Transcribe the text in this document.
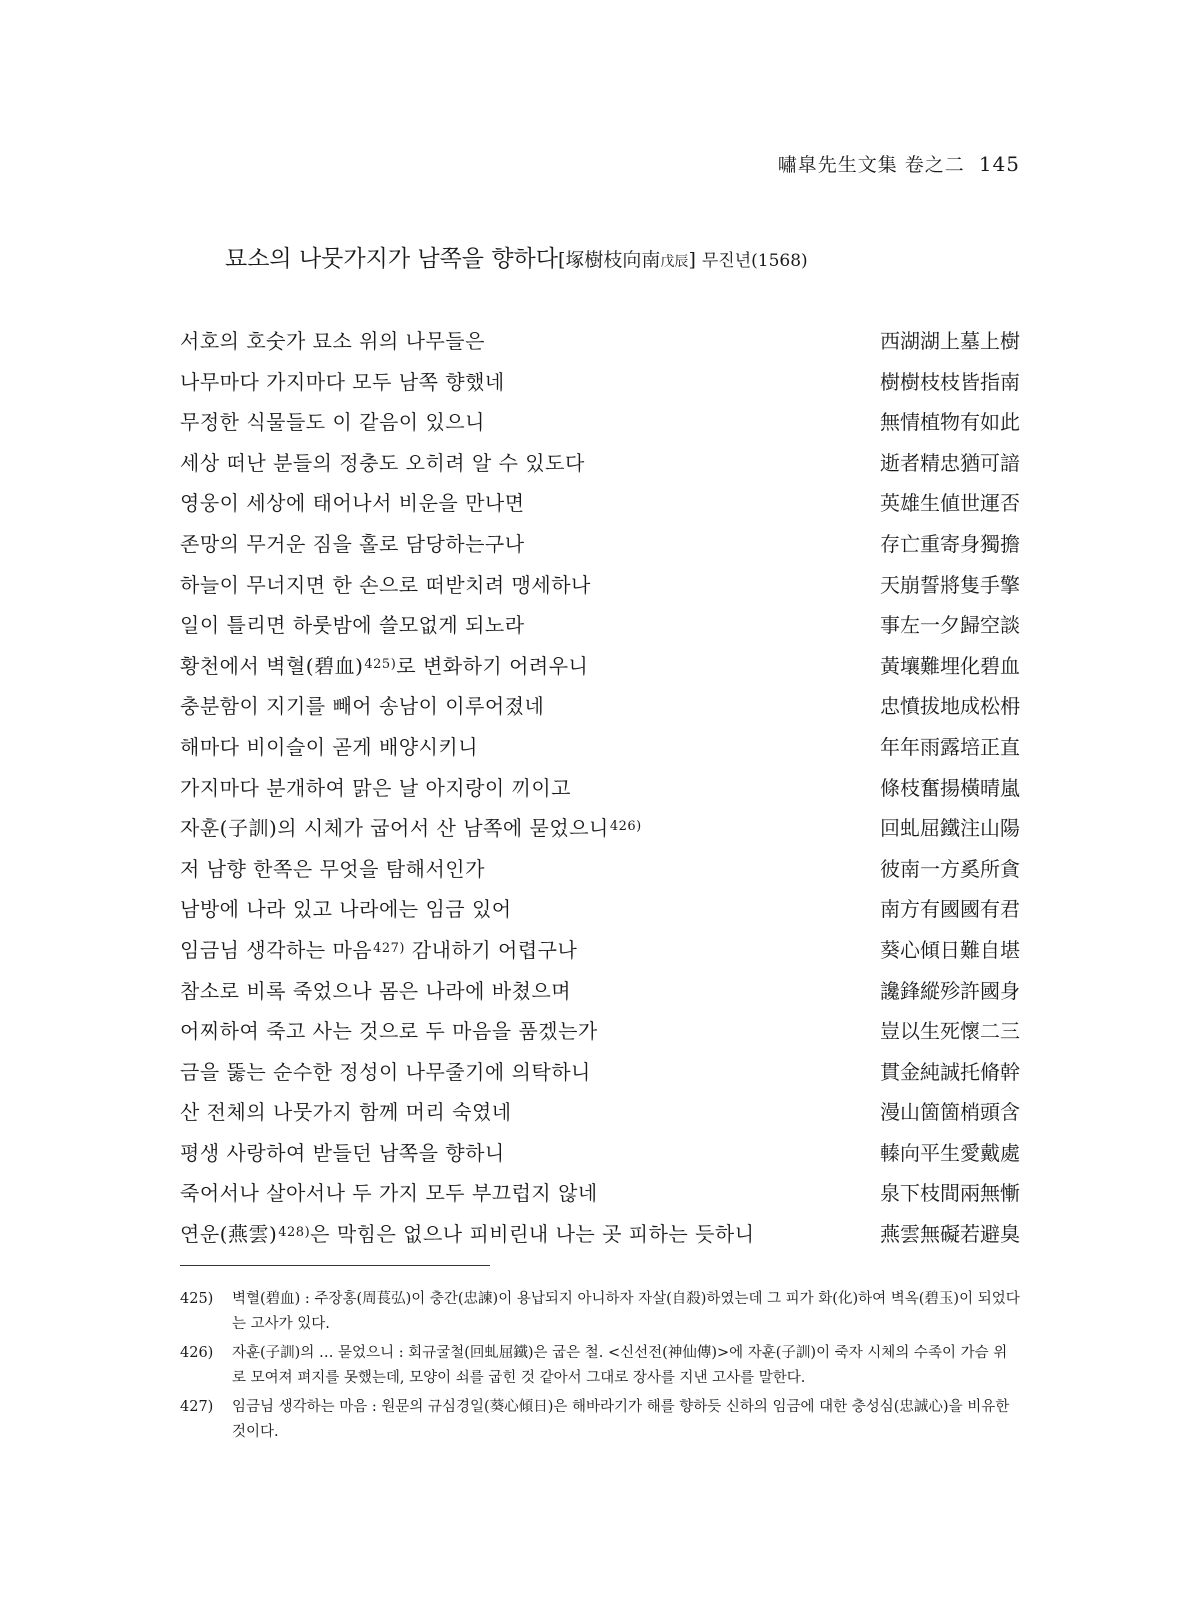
嘯皐先生文集 卷之二 145
묘소의 나뭇가지가 남쪽을 향하다[塚樹枝向南戊辰] 무진년(1568)
서호의 호숫가 묘소 위의 나무들은	西湖湖上墓上樹
나무마다 가지마다 모두 남쪽 향했네	樹樹枝枝皆指南
무정한 식물들도 이 같음이 있으니	無情植物有如此
세상 떠난 분들의 정충도 오히려 알 수 있도다	逝者精忠猶可諳
영웅이 세상에 태어나서 비운을 만나면	英雄生値世運否
존망의 무거운 짐을 홀로 담당하는구나	存亡重寄身獨擔
하늘이 무너지면 한 손으로 떠받치려 맹세하나	天崩誓將隻手擎
일이 틀리면 하룻밤에 쓸모없게 되노라	事左一夕歸空談
황천에서 벽혈(碧血)$^{425)}$로 변화하기 어려우니	黃壤難埋化碧血
충분함이 지기를 빼어 송남이 이루어졌네	忠憤拔地成松枏
해마다 비이슬이 곧게 배양시키니	年年雨露培正直
가지마다 분개하여 맑은 날 아지랑이 끼이고	條枝奮揚橫晴嵐
자훈(子訓)의 시체가 굽어서 산 남쪽에 묻었으니$^{426)}$	回虬屈鐵注山陽
저 남향 한쪽은 무엇을 탐해서인가	彼南一方奚所貪
남방에 나라 있고 나라에는 임금 있어	南方有國國有君
임금님 생각하는 마음$^{427)}$ 감내하기 어렵구나	葵心傾日難自堪
참소로 비록 죽었으나 몸은 나라에 바쳤으며	讒鋒縱殄許國身
어찌하여 죽고 사는 것으로 두 마음을 품겠는가	豈以生死懷二三
금을 뚫는 순수한 정성이 나무줄기에 의탁하니	貫金純誠托脩幹
산 전체의 나뭇가지 함께 머리 숙였네	漫山箇箇梢頭含
평생 사랑하여 받들던 남쪽을 향하니	轃向平生愛戴處
죽어서나 살아서나 두 가지 모두 부끄럽지 않네	泉下枝間兩無慚
연운(燕雲)$^{428)}$은 막힘은 없으나 피비린내 나는 곳 피하는 듯하니	燕雲無礙若避臭
425) 벽혈(碧血) : 주장홍(周萇弘)이 충간(忠諫)이 용납되지 아니하자 자살(自殺)하였는데 그 피가 화(化)하여 벽옥(碧玉)이 되었다는 고사가 있다.
426) 자훈(子訓)의 … 묻었으니 : 회규굴철(回虬屈鐵)은 굽은 철. <신선전(神仙傳)>에 자훈(子訓)이 죽자 시체의 수족이 가슴 위로 모여져 펴지를 못했는데, 모양이 쇠를 굽힌 것 같아서 그대로 장사를 지낸 고사를 말한다.
427) 임금님 생각하는 마음 : 원문의 규심경일(葵心傾日)은 해바라기가 해를 향하듯 신하의 임금에 대한 충성심(忠誠心)을 비유한 것이다.
